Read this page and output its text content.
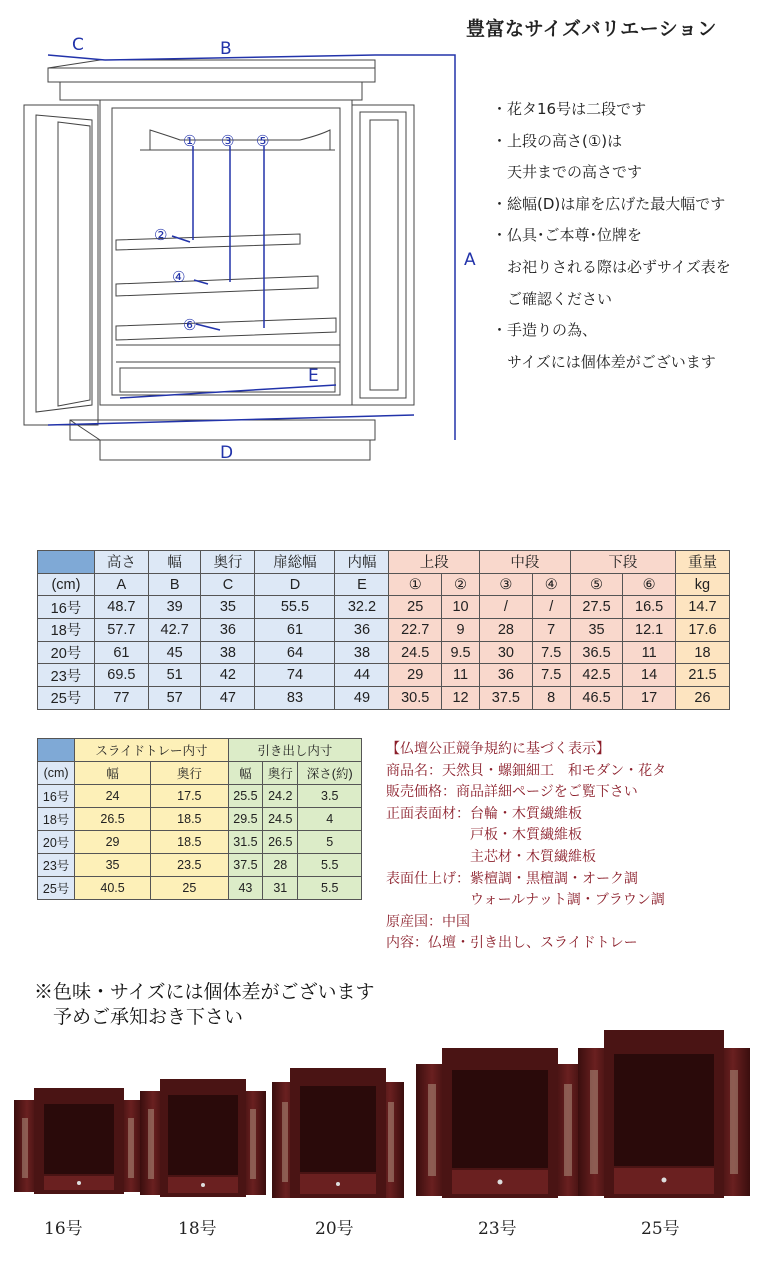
豊富なサイズバリエーション
C	B
A
D
E
① ③ ⑤
②
④
⑥
・花タ16号は二段です
・上段の高さ(①)は
　天井までの高さです
・総幅(D)は扉を広げた最大幅です
・仏具･ご本尊･位牌を
　お祀りされる際は必ずサイズ表を
　ご確認ください
・手造りの為、
　サイズには個体差がございます
	高さ	幅	奥行	扉総幅	内幅	上段		中段		下段		重量
(cm)	A	B	C	D	E	①	②	③	④	⑤	⑥	kg
16号	48.7	39	35	55.5	32.2	25	10	/	/	27.5	16.5	14.7
18号	57.7	42.7	36	61	36	22.7	9	28	7	35	12.1	17.6
20号	61	45	38	64	38	24.5	9.5	30	7.5	36.5	11	18
23号	69.5	51	42	74	44	29	11	36	7.5	42.5	14	21.5
25号	77	57	47	83	49	30.5	12	37.5	8	46.5	17	26
	スライドトレー内寸		引き出し内寸		
(cm)	幅	奥行	幅	奥行	深さ(約)
16号	24	17.5	25.5	24.2	3.5
18号	26.5	18.5	29.5	24.5	4
20号	29	18.5	31.5	26.5	5
23号	35	23.5	37.5	28	5.5
25号	40.5	25	43	31	5.5
【仏壇公正競争規約に基づく表示】
商品名：天然貝・螺鈿細工　和モダン・花タ
販売価格：商品詳細ページをご覧下さい
正面表面材：台輪・木質繊維板
　　　　　　戸板・木質繊維板
　　　　　　主芯材・木質繊維板
表面仕上げ：紫檀調・黒檀調・オーク調
　　　　　　ウォールナット調・ブラウン調
原産国：中国
内容：仏壇・引き出し、スライドトレー
※色味・サイズには個体差がございます
　予めご承知おき下さい
16号	18号	20号	23号	25号
